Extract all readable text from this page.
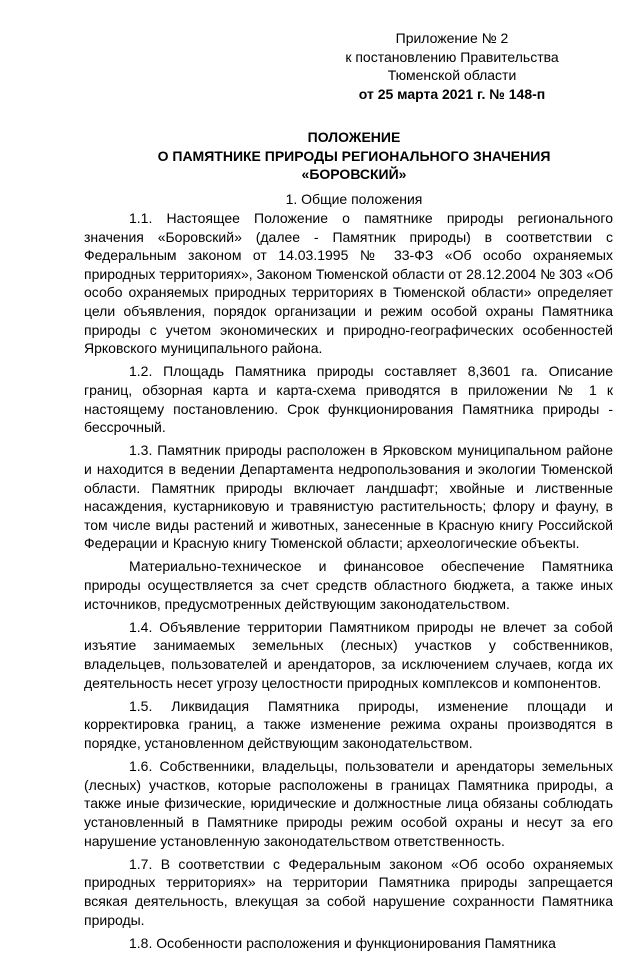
Приложение № 2
к постановлению Правительства
Тюменской области
от 25 марта 2021 г. № 148-п
ПОЛОЖЕНИЕ
О ПАМЯТНИКЕ ПРИРОДЫ РЕГИОНАЛЬНОГО ЗНАЧЕНИЯ
«БОРОВСКИЙ»
1. Общие положения

1.1. Настоящее Положение о памятнике природы регионального значения «Боровский» (далее - Памятник природы) в соответствии с Федеральным законом от 14.03.1995 № 33-ФЗ «Об особо охраняемых природных территориях», Законом Тюменской области от 28.12.2004 № 303 «Об особо охраняемых природных территориях в Тюменской области» определяет цели объявления, порядок организации и режим особой охраны Памятника природы с учетом экономических и природно-географических особенностей Ярковского муниципального района.

1.2. Площадь Памятника природы составляет 8,3601 га. Описание границ, обзорная карта и карта-схема приводятся в приложении № 1 к настоящему постановлению. Срок функционирования Памятника природы - бессрочный.

1.3. Памятник природы расположен в Ярковском муниципальном районе и находится в ведении Департамента недропользования и экологии Тюменской области. Памятник природы включает ландшафт; хвойные и лиственные насаждения, кустарниковую и травянистую растительность; флору и фауну, в том числе виды растений и животных, занесенные в Красную книгу Российской Федерации и Красную книгу Тюменской области; археологические объекты.

Материально-техническое и финансовое обеспечение Памятника природы осуществляется за счет средств областного бюджета, а также иных источников, предусмотренных действующим законодательством.

1.4. Объявление территории Памятником природы не влечет за собой изъятие занимаемых земельных (лесных) участков у собственников, владельцев, пользователей и арендаторов, за исключением случаев, когда их деятельность несет угрозу целостности природных комплексов и компонентов.

1.5. Ликвидация Памятника природы, изменение площади и корректировка границ, а также изменение режима охраны производятся в порядке, установленном действующим законодательством.

1.6. Собственники, владельцы, пользователи и арендаторы земельных (лесных) участков, которые расположены в границах Памятника природы, а также иные физические, юридические и должностные лица обязаны соблюдать установленный в Памятнике природы режим особой охраны и несут за его нарушение установленную законодательством ответственность.

1.7. В соответствии с Федеральным законом «Об особо охраняемых природных территориях» на территории Памятника природы запрещается всякая деятельность, влекущая за собой нарушение сохранности Памятника природы.

1.8. Особенности расположения и функционирования Памятника
